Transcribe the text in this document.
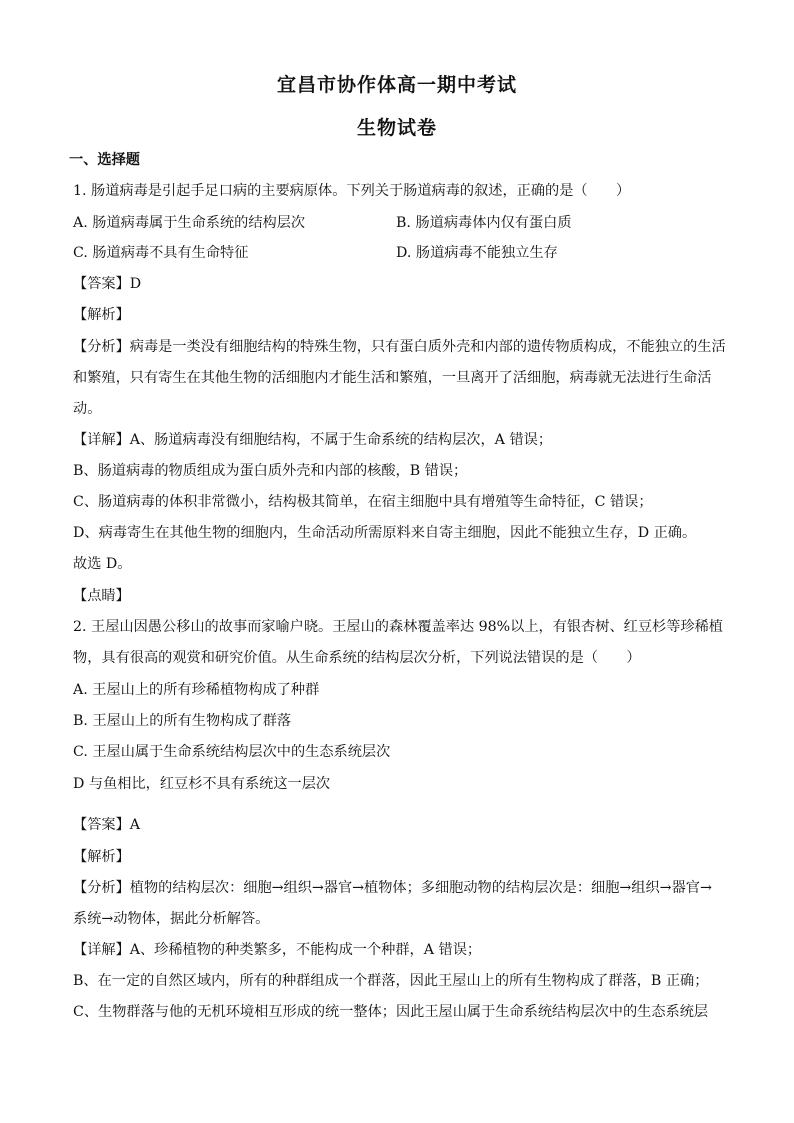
宜昌市协作体高一期中考试
生物试卷
一、选择题
1. 肠道病毒是引起手足口病的主要病原体。下列关于肠道病毒的叙述，正确的是（　　）
A. 肠道病毒属于生命系统的结构层次	B. 肠道病毒体内仅有蛋白质
C. 肠道病毒不具有生命特征	D. 肠道病毒不能独立生存
【答案】D
【解析】
【分析】病毒是一类没有细胞结构的特殊生物，只有蛋白质外壳和内部的遗传物质构成，不能独立的生活
和繁殖，只有寄生在其他生物的活细胞内才能生活和繁殖，一旦离开了活细胞，病毒就无法进行生命活
动。
【详解】A、肠道病毒没有细胞结构，不属于生命系统的结构层次，A 错误；
B、肠道病毒的物质组成为蛋白质外壳和内部的核酸，B 错误；
C、肠道病毒的体积非常微小，结构极其简单，在宿主细胞中具有增殖等生命特征，C 错误；
D、病毒寄生在其他生物的细胞内，生命活动所需原料来自寄主细胞，因此不能独立生存，D 正确。
故选 D。
【点睛】
2. 王屋山因愚公移山的故事而家喻户晓。王屋山的森林覆盖率达 98%以上，有银杏树、红豆杉等珍稀植
物，具有很高的观赏和研究价值。从生命系统的结构层次分析，下列说法错误的是（　　）
A. 王屋山上的所有珍稀植物构成了种群
B. 王屋山上的所有生物构成了群落
C. 王屋山属于生命系统结构层次中的生态系统层次
D 与鱼相比，红豆杉不具有系统这一层次
【答案】A
【解析】
【分析】植物的结构层次：细胞→组织→器官→植物体；多细胞动物的结构层次是：细胞→组织→器官→
系统→动物体，据此分析解答。
【详解】A、珍稀植物的种类繁多，不能构成一个种群，A 错误；
B、在一定的自然区域内，所有的种群组成一个群落，因此王屋山上的所有生物构成了群落，B 正确；
C、生物群落与他的无机环境相互形成的统一整体；因此王屋山属于生命系统结构层次中的生态系统层
